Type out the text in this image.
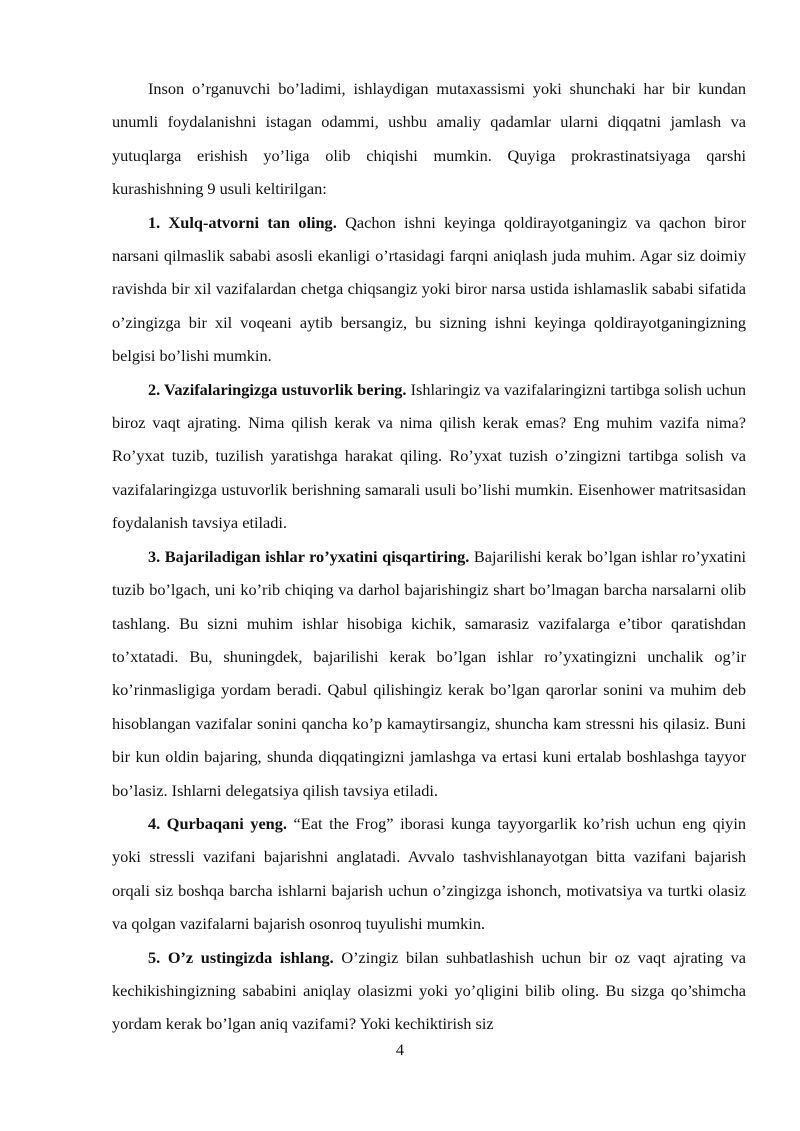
Inson o’rganuvchi bo’ladimi, ishlaydigan mutaxassismi yoki shunchaki har bir kundan unumli foydalanishni istagan odammi, ushbu amaliy qadamlar ularni diqqatni jamlash va yutuqlarga erishish yo’liga olib chiqishi mumkin. Quyiga prokrastinatsiyaga qarshi kurashishning 9 usuli keltirilgan:

1. Xulq-atvorni tan oling. Qachon ishni keyinga qoldirayotganingiz va qachon biror narsani qilmaslik sababi asosli ekanligi o’rtasidagi farqni aniqlash juda muhim. Agar siz doimiy ravishda bir xil vazifalardan chetga chiqsangiz yoki biror narsa ustida ishlamaslik sababi sifatida o’zingizga bir xil voqeani aytib bersangiz, bu sizning ishni keyinga qoldirayotganingizning belgisi bo’lishi mumkin.

2. Vazifalaringizga ustuvorlik bering. Ishlaringiz va vazifalaringizni tartibga solish uchun biroz vaqt ajrating. Nima qilish kerak va nima qilish kerak emas? Eng muhim vazifa nima? Ro’yxat tuzib, tuzilish yaratishga harakat qiling. Ro’yxat tuzish o’zingizni tartibga solish va vazifalaringizga ustuvorlik berishning samarali usuli bo’lishi mumkin. Eisenhower matritsasidan foydalanish tavsiya etiladi.

3. Bajariladigan ishlar ro’yxatini qisqartiring. Bajarilishi kerak bo’lgan ishlar ro’yxatini tuzib bo’lgach, uni ko’rib chiqing va darhol bajarishingiz shart bo’lmagan barcha narsalarni olib tashlang. Bu sizni muhim ishlar hisobiga kichik, samarasiz vazifalarga e’tibor qaratishdan to’xtatadi. Bu, shuningdek, bajarilishi kerak bo’lgan ishlar ro’yxatingizni unchalik og’ir ko’rinmasligiga yordam beradi. Qabul qilishingiz kerak bo’lgan qarorlar sonini va muhim deb hisoblangan vazifalar sonini qancha ko’p kamaytirsangiz, shuncha kam stressni his qilasiz. Buni bir kun oldin bajaring, shunda diqqatingizni jamlashga va ertasi kuni ertalab boshlashga tayyor bo’lasiz. Ishlarni delegatsiya qilish tavsiya etiladi.

4. Qurbaqani yeng. “Eat the Frog” iborasi kunga tayyorgarlik ko’rish uchun eng qiyin yoki stressli vazifani bajarishni anglatadi. Avvalo tashvishlanayotgan bitta vazifani bajarish orqali siz boshqa barcha ishlarni bajarish uchun o’zingizga ishonch, motivatsiya va turtki olasiz va qolgan vazifalarni bajarish osonroq tuyulishi mumkin.

5. O’z ustingizda ishlang. O’zingiz bilan suhbatlashish uchun bir oz vaqt ajrating va kechikishingizning sababini aniqlay olasizmi yoki yo’qligini bilib oling. Bu sizga qo’shimcha yordam kerak bo’lgan aniq vazifami? Yoki kechiktirish siz

4
